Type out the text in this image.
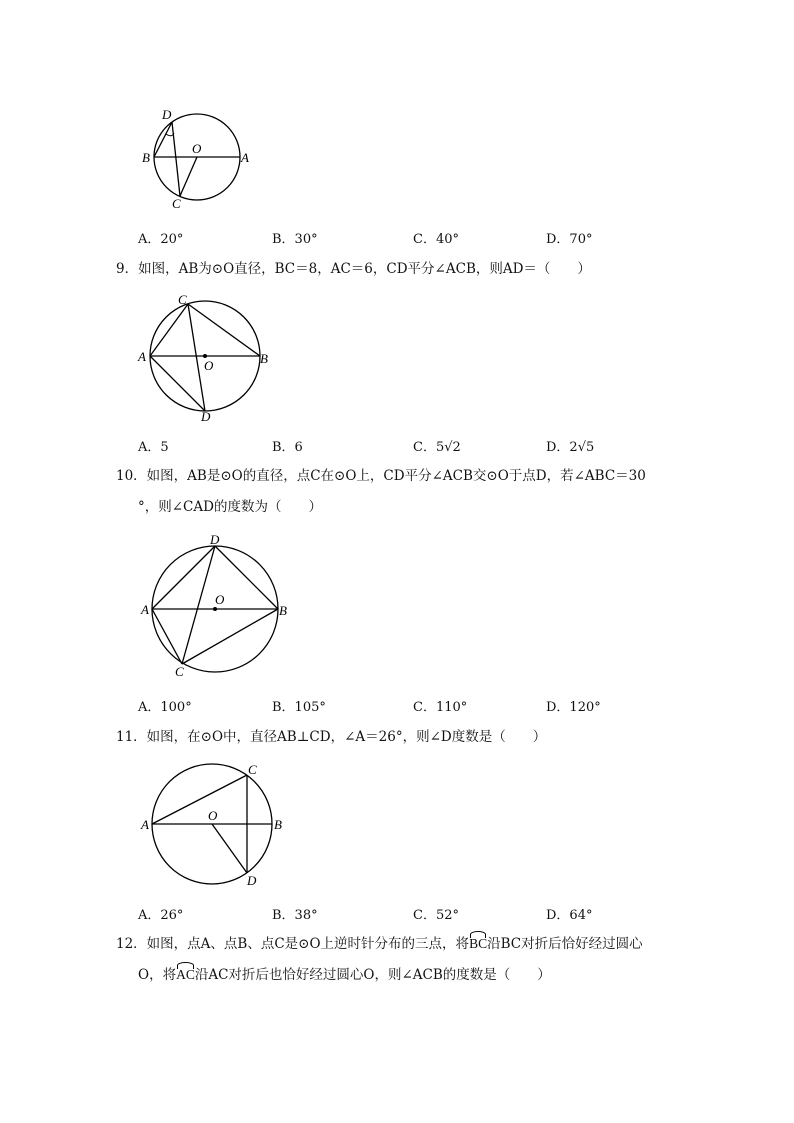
D
B
O
A
C
A．20°	B．30°	C．40°	D．70°
9．如图，AB为⊙O直径，BC＝8，AC＝6，CD平分∠ACB，则AD＝（　　）
C
A
O	B
D
A．5	B．6	C．5√2	D．2√5
10．如图，AB是⊙O的直径，点C在⊙O上，CD平分∠ACB交⊙O于点D，若∠ABC＝30
°，则∠CAD的度数为（　　）
D
O
A	B
C
A．100°	B．105°	C．110°	D．120°
11．如图，在⊙O中，直径AB⊥CD，∠A＝26°，则∠D度数是（　　）
C
A
O
B
D
A．26°	B．38°	C．52°	D．64°
12．如图，点A、点B、点C是⊙O上逆时针分布的三点，将BC沿BC对折后恰好经过圆心
O，将AC沿AC对折后也恰好经过圆心O，则∠ACB的度数是（　　）
